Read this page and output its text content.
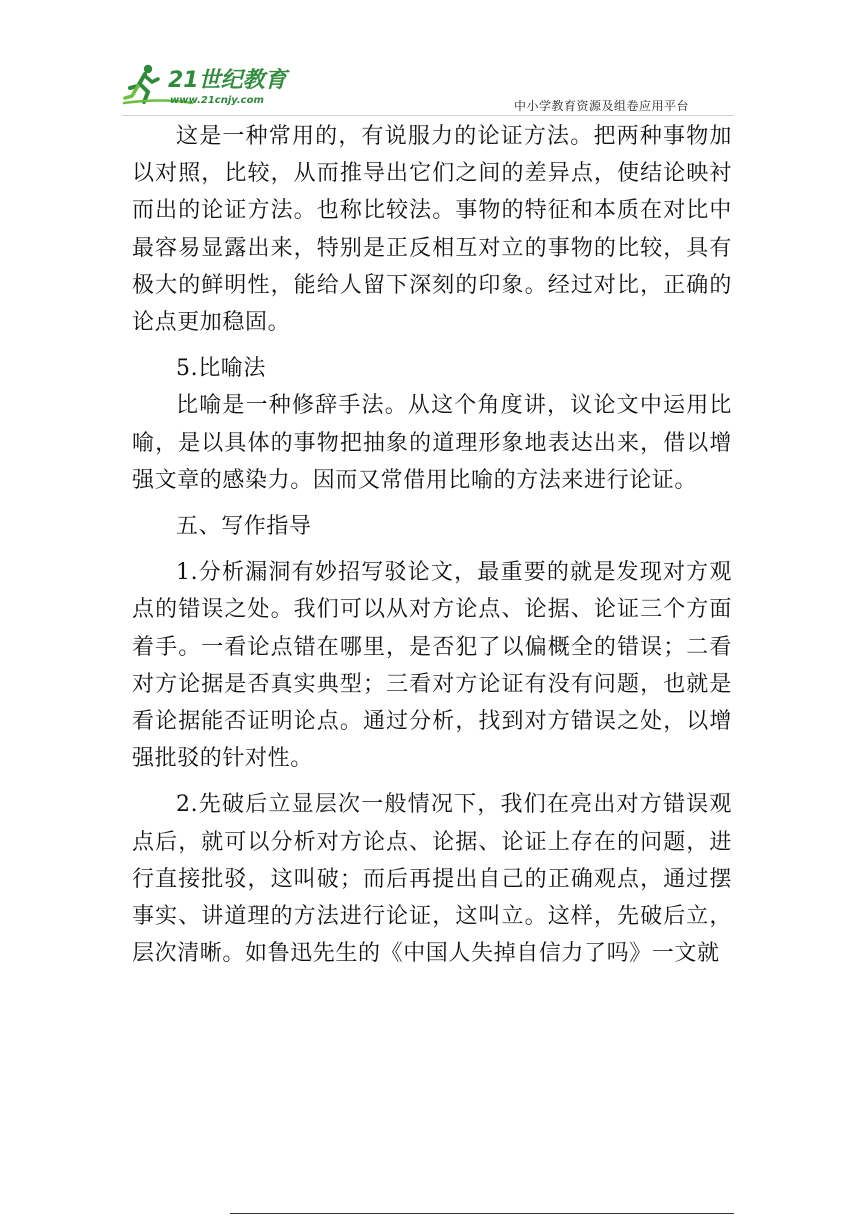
21世纪教育
www.21cnjy.com	中小学教育资源及组卷应用平台

这是一种常用的，有说服力的论证方法。把两种事物加以对照，比较，从而推导出它们之间的差异点，使结论映衬而出的论证方法。也称比较法。事物的特征和本质在对比中最容易显露出来，特别是正反相互对立的事物的比较，具有极大的鲜明性，能给人留下深刻的印象。经过对比，正确的论点更加稳固。

5.比喻法

比喻是一种修辞手法。从这个角度讲，议论文中运用比喻，是以具体的事物把抽象的道理形象地表达出来，借以增强文章的感染力。因而又常借用比喻的方法来进行论证。

五、写作指导

1.分析漏洞有妙招写驳论文，最重要的就是发现对方观点的错误之处。我们可以从对方论点、论据、论证三个方面着手。一看论点错在哪里，是否犯了以偏概全的错误；二看对方论据是否真实典型；三看对方论证有没有问题，也就是看论据能否证明论点。通过分析，找到对方错误之处，以增强批驳的针对性。

2.先破后立显层次一般情况下，我们在亮出对方错误观点后，就可以分析对方论点、论据、论证上存在的问题，进行直接批驳，这叫破；而后再提出自己的正确观点，通过摆事实、讲道理的方法进行论证，这叫立。这样，先破后立，层次清晰。如鲁迅先生的《中国人失掉自信力了吗》一文就
